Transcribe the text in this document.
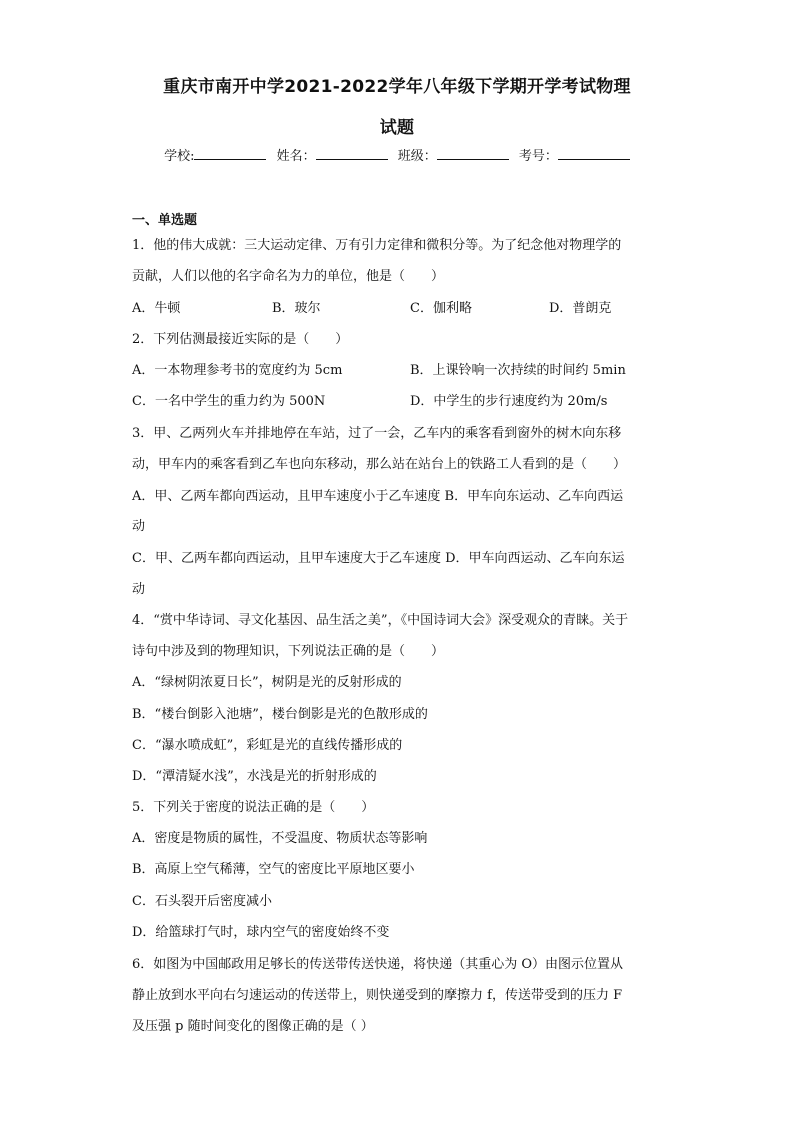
重庆市南开中学2021-2022学年八年级下学期开学考试物理
试题
学校:	姓名：	班级：	考号：
一、单选题
1．他的伟大成就：三大运动定律、万有引力定律和微积分等。为了纪念他对物理学的
贡献，人们以他的名字命名为力的单位，他是（　　）
A．牛顿	B．玻尔	C．伽利略	D．普朗克
2．下列估测最接近实际的是（　　）
A．一本物理参考书的宽度约为 5cm	B．上课铃响一次持续的时间约 5min
C．一名中学生的重力约为 500N	D．中学生的步行速度约为 20m/s
3．甲、乙两列火车并排地停在车站，过了一会，乙车内的乘客看到窗外的树木向东移
动，甲车内的乘客看到乙车也向东移动，那么站在站台上的铁路工人看到的是（　　）
A．甲、乙两车都向西运动，且甲车速度小于乙车速度 B．甲车向东运动、乙车向西运
动
C．甲、乙两车都向西运动，且甲车速度大于乙车速度 D．甲车向西运动、乙车向东运
动
4．“赏中华诗词、寻文化基因、品生活之美”，《中国诗词大会》深受观众的青睐。关于
诗句中涉及到的物理知识，下列说法正确的是（　　）
A．“绿树阴浓夏日长”，树阴是光的反射形成的
B．“楼台倒影入池塘”，楼台倒影是光的色散形成的
C．“瀑水喷成虹”，彩虹是光的直线传播形成的
D．“潭清疑水浅”，水浅是光的折射形成的
5．下列关于密度的说法正确的是（　　）
A．密度是物质的属性，不受温度、物质状态等影响
B．高原上空气稀薄，空气的密度比平原地区要小
C．石头裂开后密度减小
D．给篮球打气时，球内空气的密度始终不变
6．如图为中国邮政用足够长的传送带传送快递，将快递（其重心为 O）由图示位置从
静止放到水平向右匀速运动的传送带上，则快递受到的摩擦力 f，传送带受到的压力 F
及压强 p 随时间变化的图像正确的是（ ）
